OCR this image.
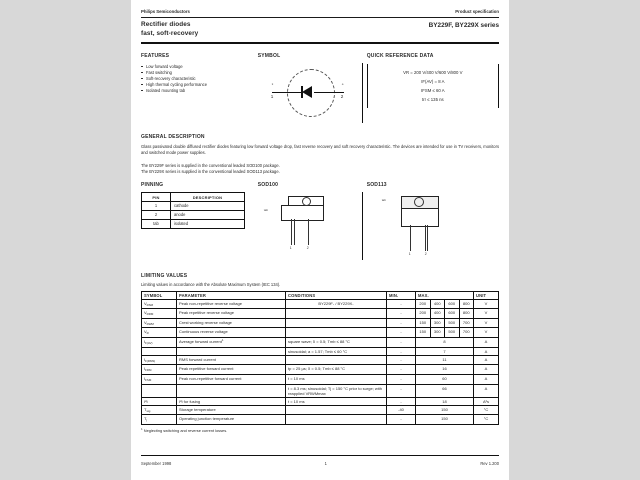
Philips Semiconductors	Product specification
Rectifier diodes
fast, soft-recovery
BY229F, BY229X series
FEATURES
Low forward voltage
Fast switching
Soft-recovery characteristic
High thermal cycling performance
Isolated mounting tab
SYMBOL
k
1
a
2
QUICK REFERENCE DATA
VR = 200 V/400 V/600 V/800 V
IF(AV) = 8 A
IFSM ≤ 60 A
trr ≤ 135 ns
GENERAL DESCRIPTION

Glass passivated double diffused rectifier diodes featuring low forward voltage drop, fast reverse recovery and soft recovery characteristic. The devices are intended for use in TV receivers, monitors and switched mode power supplies.

The BY229F series is supplied in the conventional leaded SOD100 package.

The BY229X series is supplied in the conventional leaded SOD113 package.

PINNING
PIN	DESCRIPTION
1	cathode
2	anode
tab	isolated
SOD100
tab
1	2
SOD113
tab
1	2
LIMITING VALUES
Limiting values in accordance with the Absolute Maximum System (IEC 134).
SYMBOL	PARAMETER	CONDITIONS	MIN.	MAX.				UNIT
$V_{RSM}$	Peak non-repetitive reverse voltage	BY229F- / BY229X-	-	200	400	600	800	V
$V_{RRM}$	Peak repetitive reverse voltage		-	200	400	600	800	V
$V_{RWM}$	Crest working reverse voltage		-	150	300	500	700	V
$V_R$	Continuous reverse voltage		-	150	300	500	700	V
$I_{F(AV)}$	Average forward current$^1$	square wave; δ = 0.5; Tmb ≤ 88 °C	-	8				A
		sinusoidal; a = 1.57; Tmb ≤ 60 °C	-	7				A
$I_{F(RMS)}$	RMS forward current		-	11				A
$I_{FRM}$	Peak repetitive forward current	tp = 25 µs; δ = 0.5; Tmb ≤ 88 °C	-	16				A
$I_{FSM}$	Peak non-repetitive forward current	t = 10 ms	-	60				A
		t = 8.3 ms; sinusoidal; Tj = 150 °C prior to surge; with reapplied VRWMmax	-	66				A
I²t	I²t for fusing	t = 10 ms	-	18				A²s
$T_{stg}$	Storage temperature		-40	150				°C
$T_j$	Operating junction temperature		-	150				°C
$^1$ Neglecting switching and reverse current losses.
September 1998	1	Rev 1.200
